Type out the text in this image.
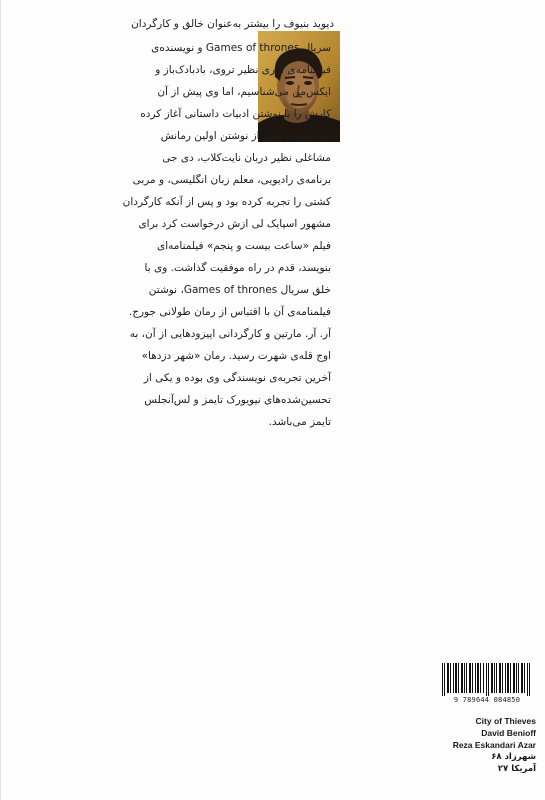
دیوید بنیوف را بیشتر به‌عنوان خالق و کارگردان
سریال Games of thrones و نویسنده‌ی
فیلمنامه‌ی آثاری نظیر تروی، بادبادک‌باز و
ایکس‌من می‌شناسیم، اما وی پیش از آن
کارش را با نوشتن ادبیات داستانی آغاز کرده
بود. بنیوف پیش از نوشتن اولین رمانش
مشاغلی نظیر دربان نایت‌کلاب، دی جی
برنامه‌ی رادیویی، معلم زبان انگلیسی، و مربی
کشتی را تجربه کرده بود و پس از آنکه کارگردان
مشهور اسپایک لی از‌ش درخواست کرد برای
فیلم «ساعت بیست و پنجم» فیلمنامه‌ای
بنویسد، قدم در راه موفقیت گذاشت. وی با
خلق سریال Games of thrones، نوشتن
فیلمنامه‌ی آن با اقتباس از رمان طولانی جورج.
آر. آر. مارتین و کارگردانی اپیزودهایی از آن، به
اوج قله‌ی شهرت رسید. رمان «شهر دزدها»
آخرین تجربه‌ی نویسندگی وی بوده و یکی از
تحسین‌شده‌های نیویورک تایمز و لس‌آنجلس
تایمز می‌باشد.
9 789644 084850
City of Thieves
David Benioff
Reza Eskandari Azar
شهرزاد ۶۸
آمریکا ۲۷
